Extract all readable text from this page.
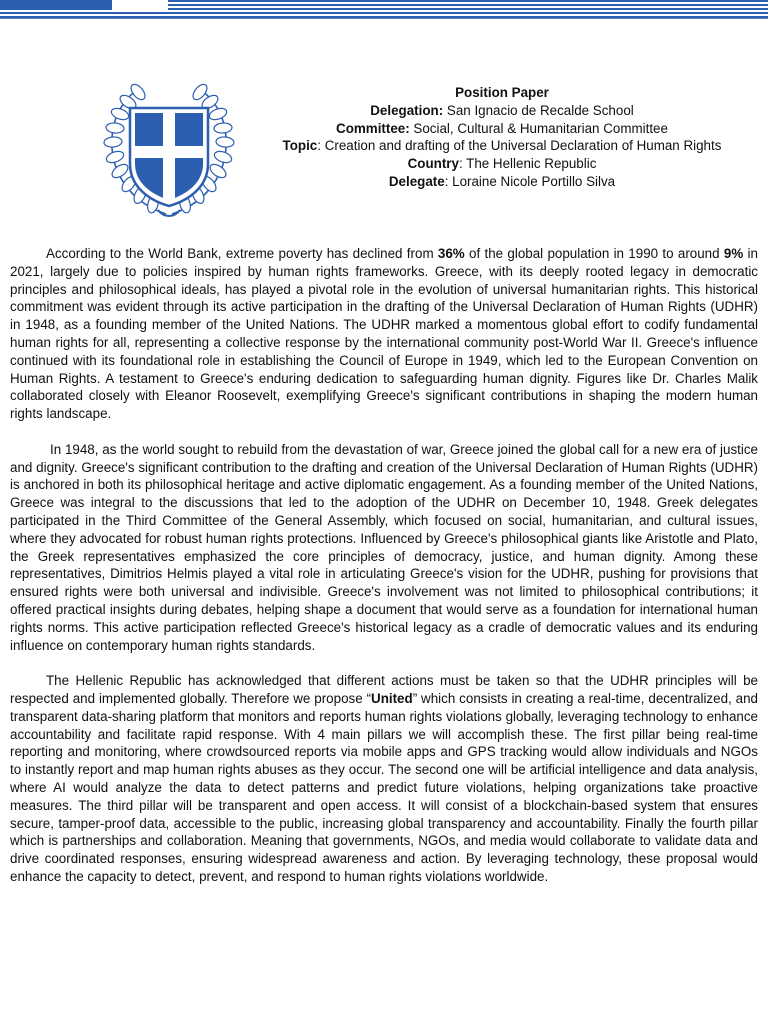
Position Paper
Delegation: San Ignacio de Recalde School
Committee: Social, Cultural & Humanitarian Committee
Topic: Creation and drafting of the Universal Declaration of Human Rights
Country: The Hellenic Republic
Delegate: Loraine Nicole Portillo Silva

According to the World Bank, extreme poverty has declined from 36% of the global population in 1990 to around 9% in 2021, largely due to policies inspired by human rights frameworks. Greece, with its deeply rooted legacy in democratic principles and philosophical ideals, has played a pivotal role in the evolution of universal humanitarian rights. This historical commitment was evident through its active participation in the drafting of the Universal Declaration of Human Rights (UDHR) in 1948, as a founding member of the United Nations. The UDHR marked a momentous global effort to codify fundamental human rights for all, representing a collective response by the international community post-World War II. Greece's influence continued with its foundational role in establishing the Council of Europe in 1949, which led to the European Convention on Human Rights. A testament to Greece's enduring dedication to safeguarding human dignity. Figures like Dr. Charles Malik collaborated closely with Eleanor Roosevelt, exemplifying Greece's significant contributions in shaping the modern human rights landscape.

In 1948, as the world sought to rebuild from the devastation of war, Greece joined the global call for a new era of justice and dignity. Greece's significant contribution to the drafting and creation of the Universal Declaration of Human Rights (UDHR) is anchored in both its philosophical heritage and active diplomatic engagement. As a founding member of the United Nations, Greece was integral to the discussions that led to the adoption of the UDHR on December 10, 1948. Greek delegates participated in the Third Committee of the General Assembly, which focused on social, humanitarian, and cultural issues, where they advocated for robust human rights protections. Influenced by Greece's philosophical giants like Aristotle and Plato, the Greek representatives emphasized the core principles of democracy, justice, and human dignity. Among these representatives, Dimitrios Helmis played a vital role in articulating Greece's vision for the UDHR, pushing for provisions that ensured rights were both universal and indivisible. Greece's involvement was not limited to philosophical contributions; it offered practical insights during debates, helping shape a document that would serve as a foundation for international human rights norms. This active participation reflected Greece's historical legacy as a cradle of democratic values and its enduring influence on contemporary human rights standards.

The Hellenic Republic has acknowledged that different actions must be taken so that the UDHR principles will be respected and implemented globally. Therefore we propose “United” which consists in creating a real-time, decentralized, and transparent data-sharing platform that monitors and reports human rights violations globally, leveraging technology to enhance accountability and facilitate rapid response. With 4 main pillars we will accomplish these. The first pillar being real-time reporting and monitoring, where crowdsourced reports via mobile apps and GPS tracking would allow individuals and NGOs to instantly report and map human rights abuses as they occur. The second one will be artificial intelligence and data analysis, where AI would analyze the data to detect patterns and predict future violations, helping organizations take proactive measures. The third pillar will be transparent and open access. It will consist of a blockchain-based system that ensures secure, tamper-proof data, accessible to the public, increasing global transparency and accountability. Finally the fourth pillar which is partnerships and collaboration. Meaning that governments, NGOs, and media would collaborate to validate data and drive coordinated responses, ensuring widespread awareness and action. By leveraging technology, these proposal would enhance the capacity to detect, prevent, and respond to human rights violations worldwide.
